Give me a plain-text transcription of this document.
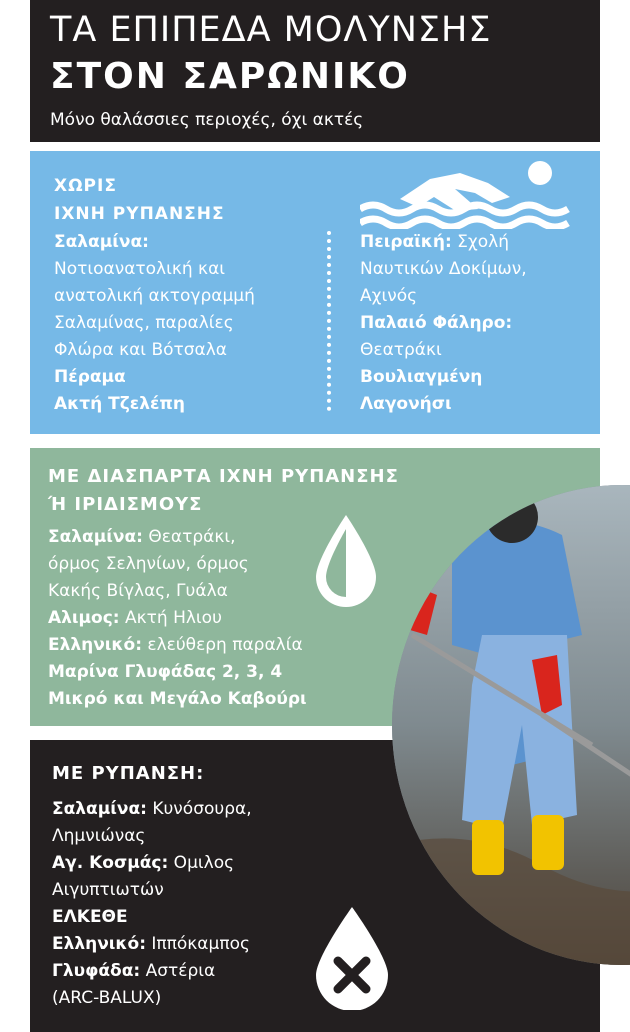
ΤΑ ΕΠΙΠΕΔΑ ΜΟΛΥΝΣΗΣ
ΣΤΟΝ ΣΑΡΩΝΙΚΟ
Μόνο θαλάσσιες περιοχές, όχι ακτές
ΧΩΡΙΣ
ΙΧΝΗ ΡΥΠΑΝΣΗΣ
Σαλαμίνα:
Νοτιοανατολική και
ανατολική ακτογραμμή
Σαλαμίνας, παραλίες
Φλώρα και Βότσαλα
Πέραμα
Ακτή Τζελέπη
Πειραϊκή: Σχολή
Ναυτικών Δοκίμων,
Αχινός
Παλαιό Φάληρο:
Θεατράκι
Βουλιαγμένη
Λαγονήσι
ΜΕ ΔΙΑΣΠΑΡΤΑ ΙΧΝΗ ΡΥΠΑΝΣΗΣ
Ή ΙΡΙΔΙΣΜΟΥΣ
Σαλαμίνα: Θεατράκι,
όρμος Σεληνίων, όρμος
Κακής Βίγλας, Γυάλα
Αλιμος: Ακτή Ηλιου
Ελληνικό: ελεύθερη παραλία
Μαρίνα Γλυφάδας 2, 3, 4
Μικρό και Μεγάλο Καβούρι
ΜΕ ΡΥΠΑΝΣΗ:
Σαλαμίνα: Κυνόσουρα,
Λημνιώνας
Αγ. Κοσμάς: Ομιλος
Αιγυπτιωτών
ΕΛΚΕΘΕ
Ελληνικό: Ιππόκαμπος
Γλυφάδα: Αστέρια
(ARC-BALUX)
